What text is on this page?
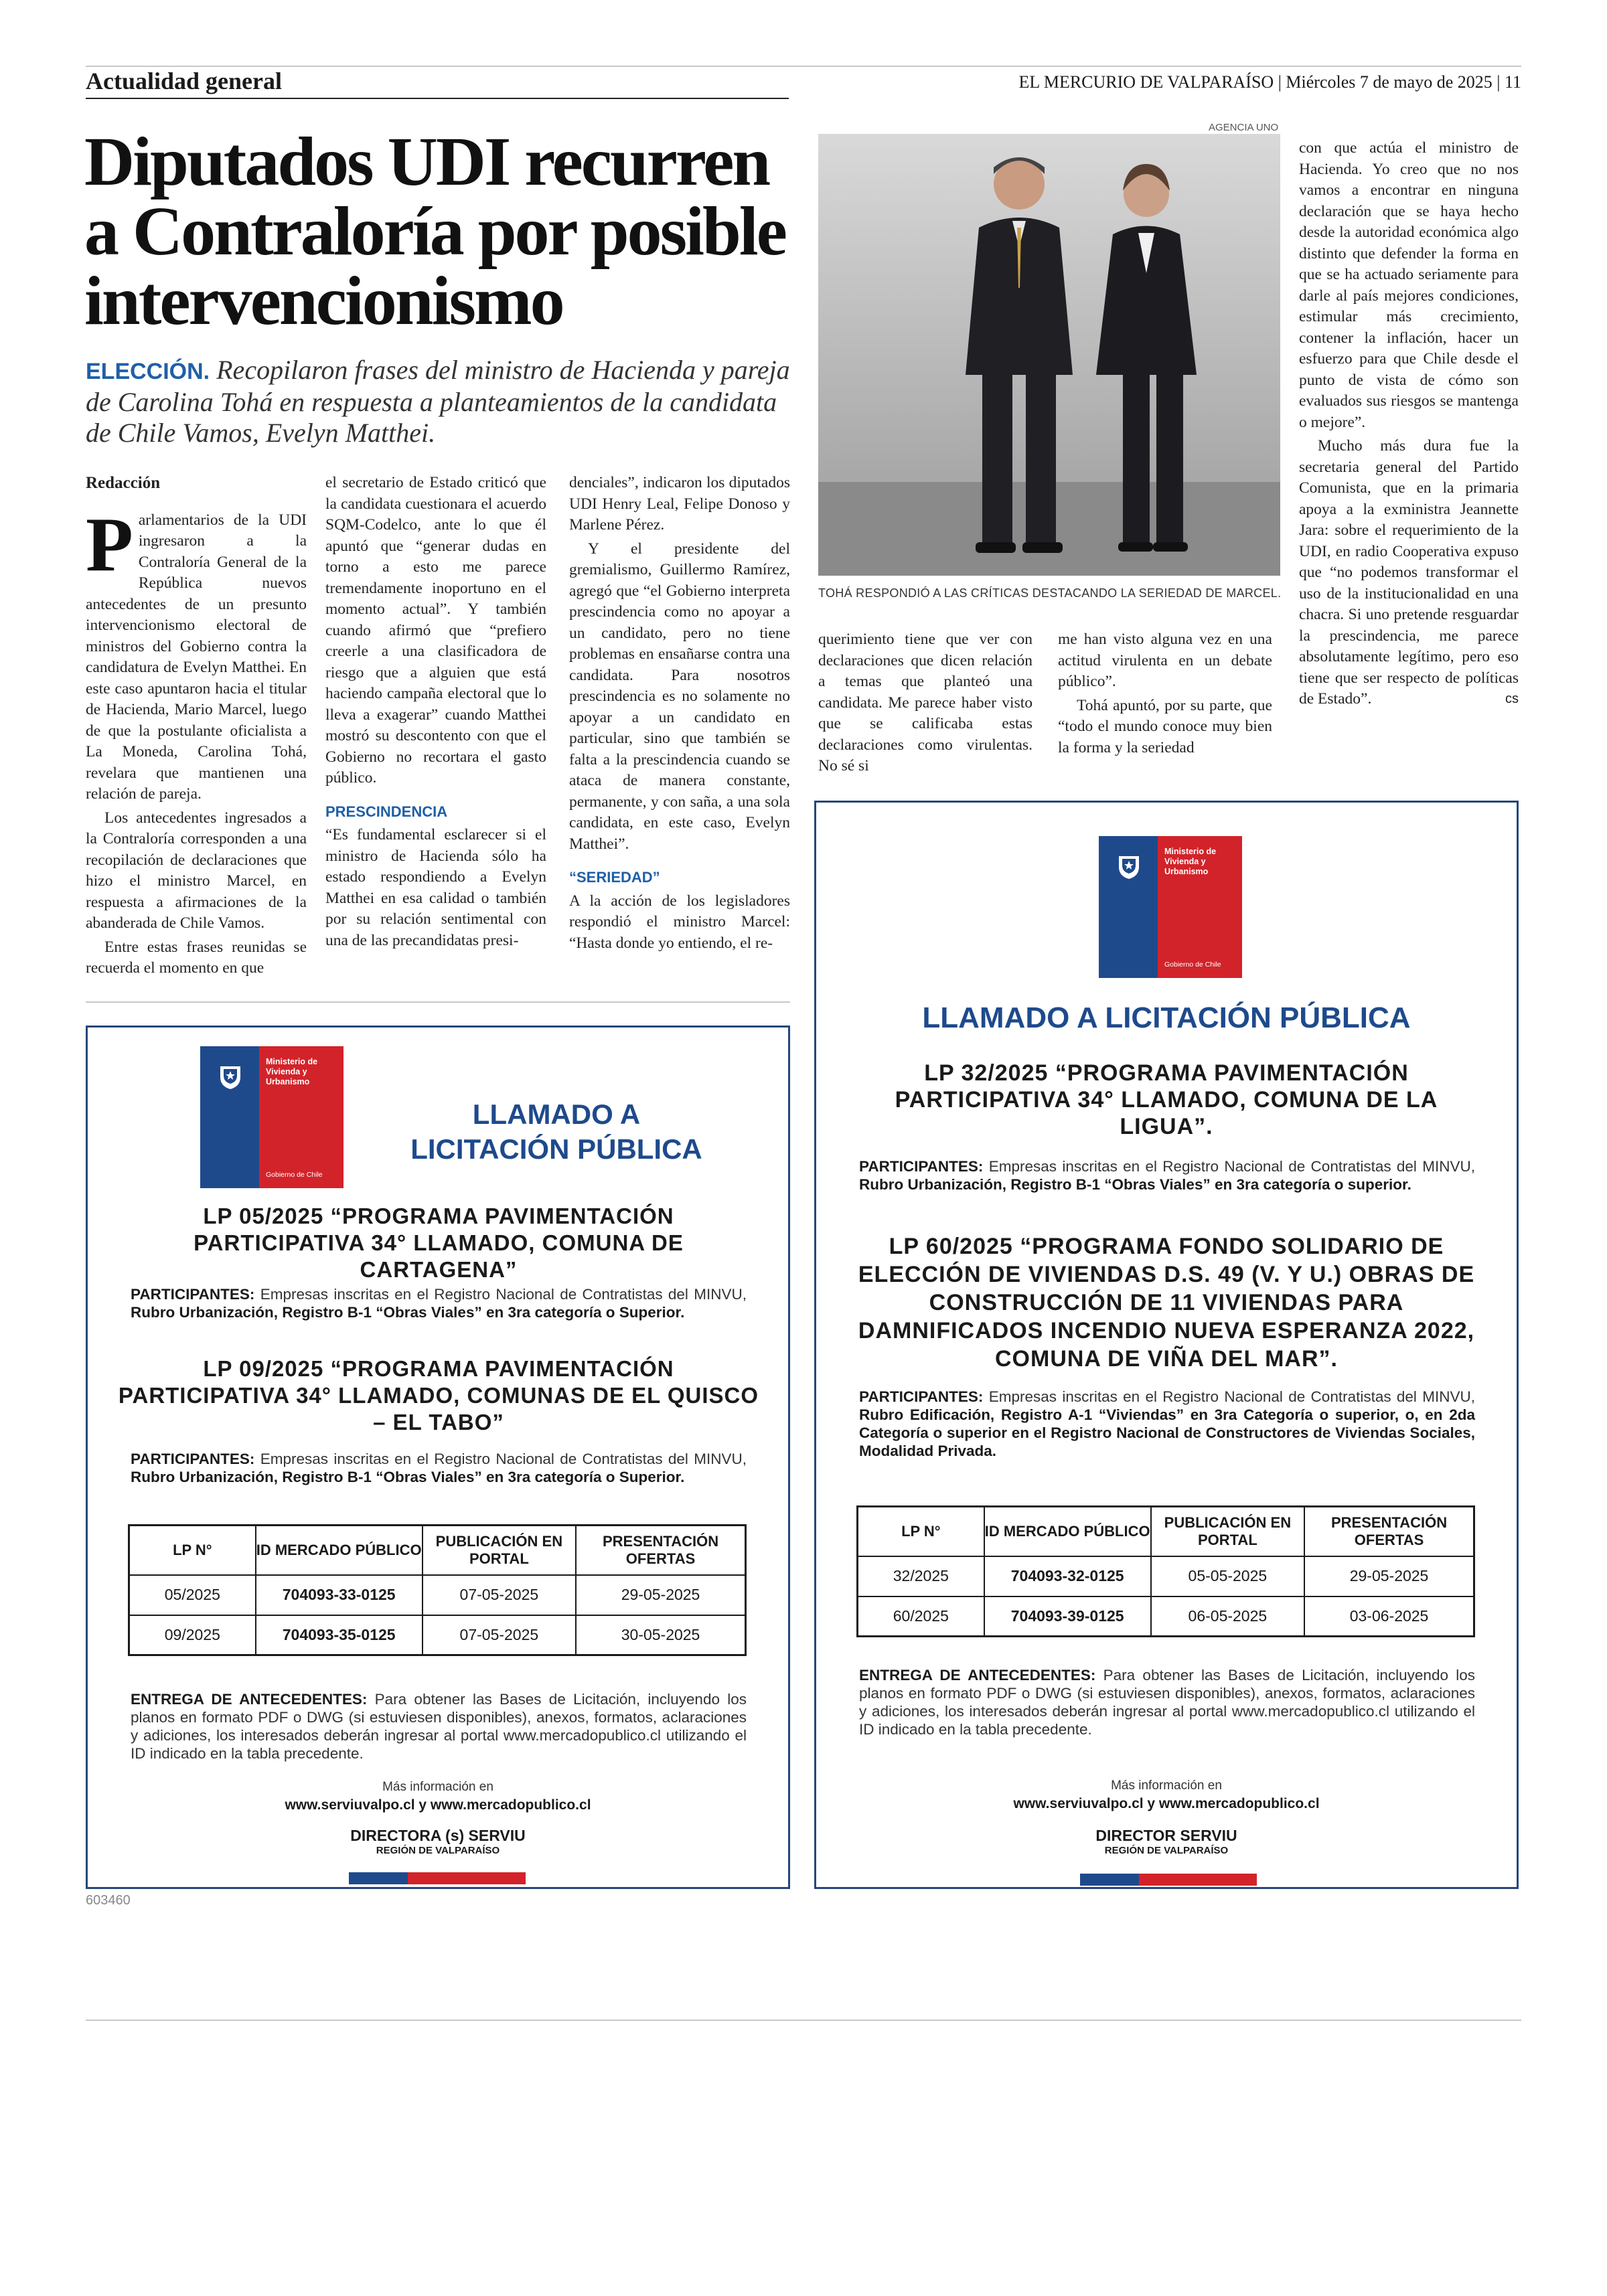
Actualidad general	EL MERCURIO DE VALPARAÍSO | Miércoles 7 de mayo de 2025 | 11
Diputados UDI recurren a Contraloría por posible intervencionismo
ELECCIÓN. Recopilaron frases del ministro de Hacienda y pareja de Carolina Tohá en respuesta a planteamientos de la candidata de Chile Vamos, Evelyn Matthei.
Redacción

Parlamentarios de la UDI ingresaron a la Contraloría General de la República nuevos antecedentes de un presunto intervencionismo electoral de ministros del Gobierno contra la candidatura de Evelyn Matthei. En este caso apuntaron hacia el titular de Hacienda, Mario Marcel, luego de que la postulante oficialista a La Moneda, Carolina Tohá, revelara que mantienen una relación de pareja.

Los antecedentes ingresados a la Contraloría corresponden a una recopilación de declaraciones que hizo el ministro Marcel, en respuesta a afirmaciones de la abanderada de Chile Vamos.

Entre estas frases reunidas se recuerda el momento en que

el secretario de Estado criticó que la candidata cuestionara el acuerdo SQM-Codelco, ante lo que él apuntó que “generar dudas en torno a esto me parece tremendamente inoportuno en el momento actual”. Y también cuando afirmó que “prefiero creerle a una clasificadora de riesgo que a alguien que está haciendo campaña electoral que lo lleva a exagerar” cuando Matthei mostró su descontento con que el Gobierno no recortara el gasto público.

PRESCINDENCIA

“Es fundamental esclarecer si el ministro de Hacienda sólo ha estado respondiendo a Evelyn Matthei en esa calidad o también por su relación sentimental con una de las precandidatas presi-

denciales”, indicaron los diputados UDI Henry Leal, Felipe Donoso y Marlene Pérez.

Y el presidente del gremialismo, Guillermo Ramírez, agregó que “el Gobierno interpreta prescindencia como no apoyar a un candidato, pero no tiene problemas en ensañarse contra una candidata. Para nosotros prescindencia es no solamente no apoyar a un candidato en particular, sino que también se falta a la prescindencia cuando se ataca de manera constante, permanente, y con saña, a una sola candidata, en este caso, Evelyn Matthei”.

“SERIEDAD”

A la acción de los legisladores respondió el ministro Marcel: “Hasta donde yo entiendo, el re-

AGENCIA UNO
TOHÁ RESPONDIÓ A LAS CRÍTICAS DESTACANDO LA SERIEDAD DE MARCEL.

querimiento tiene que ver con declaraciones que dicen relación a temas que planteó una candidata. Me parece haber visto que se calificaba estas declaraciones como virulentas. No sé si

me han visto alguna vez en una actitud virulenta en un debate público”.

Tohá apuntó, por su parte, que “todo el mundo conoce muy bien la forma y la seriedad

con que actúa el ministro de Hacienda. Yo creo que no nos vamos a encontrar en ninguna declaración que se haya hecho desde la autoridad económica algo distinto que defender la forma en que se ha actuado seriamente para darle al país mejores condiciones, estimular más crecimiento, contener la inflación, hacer un esfuerzo para que Chile desde el punto de vista de cómo son evaluados sus riesgos se mantenga o mejore”.

Mucho más dura fue la secretaria general del Partido Comunista, que en la primaria apoya a la exministra Jeannette Jara: sobre el requerimiento de la UDI, en radio Cooperativa expuso que “no podemos transformar el uso de la institucionalidad en una chacra. Si uno pretende resguardar la prescindencia, me parece absolutamente legítimo, pero eso tiene que ser respecto de políticas de Estado”.	cs

Ministerio de Vivienda y Urbanismo
Gobierno de Chile
LLAMADO A
LICITACIÓN PÚBLICA
LP 05/2025 “PROGRAMA PAVIMENTACIÓN PARTICIPATIVA 34° LLAMADO, COMUNA DE CARTAGENA”
PARTICIPANTES: Empresas inscritas en el Registro Nacional de Contratistas del MINVU, Rubro Urbanización, Registro B-1 “Obras Viales” en 3ra categoría o Superior.
LP 09/2025 “PROGRAMA PAVIMENTACIÓN PARTICIPATIVA 34° LLAMADO, COMUNAS DE EL QUISCO – EL TABO”
PARTICIPANTES: Empresas inscritas en el Registro Nacional de Contratistas del MINVU, Rubro Urbanización, Registro B-1 “Obras Viales” en 3ra categoría o Superior.
LP N°	ID MERCADO PÚBLICO	PUBLICACIÓN EN PORTAL	PRESENTACIÓN OFERTAS
05/2025	704093-33-0125	07-05-2025	29-05-2025
09/2025	704093-35-0125	07-05-2025	30-05-2025
ENTREGA DE ANTECEDENTES: Para obtener las Bases de Licitación, incluyendo los planos en formato PDF o DWG (si estuviesen disponibles), anexos, formatos, aclaraciones y adiciones, los interesados deberán ingresar al portal www.mercadopublico.cl utilizando el ID indicado en la tabla precedente.
Más información en
www.serviuvalpo.cl y www.mercadopublico.cl
DIRECTORA (s) SERVIU
REGIÓN DE VALPARAÍSO
Ministerio de Vivienda y Urbanismo
Gobierno de Chile
LLAMADO A LICITACIÓN PÚBLICA
LP 32/2025 “PROGRAMA PAVIMENTACIÓN PARTICIPATIVA 34° LLAMADO, COMUNA DE LA LIGUA”.
PARTICIPANTES: Empresas inscritas en el Registro Nacional de Contratistas del MINVU, Rubro Urbanización, Registro B-1 “Obras Viales” en 3ra categoría o superior.
LP 60/2025 “PROGRAMA FONDO SOLIDARIO DE ELECCIÓN DE VIVIENDAS D.S. 49 (V. Y U.) OBRAS DE CONSTRUCCIÓN DE 11 VIVIENDAS PARA DAMNIFICADOS INCENDIO NUEVA ESPERANZA 2022, COMUNA DE VIÑA DEL MAR”.
PARTICIPANTES: Empresas inscritas en el Registro Nacional de Contratistas del MINVU, Rubro Edificación, Registro A-1 “Viviendas” en 3ra Categoría o superior, o, en 2da Categoría o superior en el Registro Nacional de Constructores de Viviendas Sociales, Modalidad Privada.
LP N°	ID MERCADO PÚBLICO	PUBLICACIÓN EN PORTAL	PRESENTACIÓN OFERTAS
32/2025	704093-32-0125	05-05-2025	29-05-2025
60/2025	704093-39-0125	06-05-2025	03-06-2025
ENTREGA DE ANTECEDENTES: Para obtener las Bases de Licitación, incluyendo los planos en formato PDF o DWG (si estuviesen disponibles), anexos, formatos, aclaraciones y adiciones, los interesados deberán ingresar al portal www.mercadopublico.cl utilizando el ID indicado en la tabla precedente.
Más información en
www.serviuvalpo.cl y www.mercadopublico.cl
DIRECTOR SERVIU
REGIÓN DE VALPARAÍSO
603460
